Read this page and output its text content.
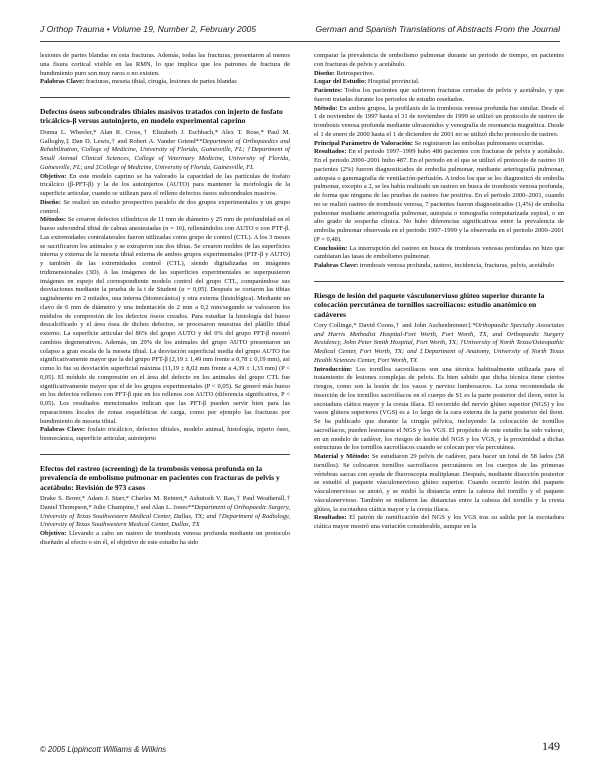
J Orthop Trauma • Volume 19, Number 2, February 2005	German and Spanish Translations of Abstracts From the Journal

lesiones de partes blandas en esta fracturas. Además, todas las fracturas, presentaron al menos una fisura cortical visible en las RMN, lo que implica que los patrones de fractura de hundimiento puro son muy raros o no existen.

Palabras Clave: fracturas, meseta tibial, cirugía, lesiones de partes blandas

Defectos óseos subcondrales tibiales masivos tratados con injerto de fosfato tricálcico-β versus autoinjerto, en modelo experimental caprino

Donna L. Wheeler,* Alan R. Cross,† Elizabeth J. Eschbach,* Alex T. Rose,* Paul M. Galloghy,‡ Dan D. Lewis,† and Robert A. Vander Griend**Department of Orthopaedics and Rehabilitation, College of Medicine, University of Florida, Gainesville, FL; †Department of Small Animal Clinical Sciences, College of Veterinary Medicine, University of Florida, Gainesville, FL; and ‡College of Medicine, University of Florida, Gainesville, FL

Objetivo: En este modelo caprino se ha valorado la capacidad de las partículas de fosfato tricálcico (β-PFT-β) y la de los autoinjertos (AUTO) para mantener la morfología de la superficie articular, cuando se utilizan para el relleno defectos óseos subcondrales masivos.

Diseño: Se realizó un estudio prospectivo paralelo de dos grupos experimentales y un grupo control.

Métodos: Se crearon defectos cilíndricos de 11 mm de diámetro y 25 mm de profundidad en el hueso subcondral tibial de cabras anestesiadas (n = 16), rellenándolos con AUTO o con PTF-β. Las extremidades contralaterales fueron utilizadas como grupo de control (CTL). A los 3 meses se sacrificaron los animales y se extrajeron sus dos tibias. Se crearon moldes de las superficies interna y externa de la meseta tibial externa de ambos grupos experimentales (PTF-β y AUTO) y también de las extremidades control (CTL), siendo digitalizadas en imágenes tridimensionales (3D). A las imágenes de las superficies experimentales se superpusieron imágenes en espejo del correspondiente modelo control del grupo CTL, comparándose sus desviaciones mediante la prueba de la t de Student (α = 0,05). Después se cortaron las tibias sagitalmente en 2 mitades, una interna (biomecánica) y otra externa (histológica). Mediante un clavo de 6 mm de diámetro y una indentación de 2 mm a 0,2 mm/segundo se valoraron los módulos de compresión de los defectos óseos creados. Para estudiar la histología del hueso descalcificado y el área ósea de dichos defectos, se procesaron muestras del plátillo tibial externo. La superficie articular del 86% del grupo AUTO y del 0% del grupo PFT-β mostró cambios degenerativos. Además, un 29% de los animales del grupo AUTO presentaron un colapso a gran escala de la meseta tibial. La desviación superficial media del grupo AUTO fue significativamente mayor que la del grupo PFT-β (2,19 ± 1,49 mm frente a 0,78 ± 0,19 mm), así como lo fue su desviación superficial máxima (11,19 ± 8,02 mm frente a 4,39 ± 1,33 mm) (P < 0,05). El módulo de compresión en el área del defecto en los animales del grupo CTL fue significativamente mayor que el de los grupos experimentales (P < 0,05). Se generó más hueso en los defectos rellenos con PFT-β que en los rellenos con AUTO (diferencia significativa, P < 0,05). Los resultados mencionados indican que las PFT-β pueden servir bien para las reparaciones locales de zonas esqueléticas de carga, como por ejemplo las fracturas por hundimiento de meseta tibial.

Palabras Clave: fosfato tricálcico, defectos tibiales, modelo animal, histología, injerto óseo, biomecánica, superficie articular, autoinjerto

Efectos del rastreo (screening) de la trombosis venosa profunda en la prevalencia de embolismo pulmonar en pacientes con fracturas de pelvis y acetábulo: Revisión de 973 casos

Drake S. Borer,* Adam J. Starr,* Charles M. Reinert,* Ashutosh V. Rao,† Paul Weatherall,† Daniel Thompson,* Julie Champine,† and Alan L. Jones**Department of Orthopaedic Surgery, University of Texas Southwestern Medical Center, Dallas, TX; and †Department of Radiology, University of Texas Southwestern Medical Center, Dallas, TX

Objetivo: Llevando a cabo un rastreo de trombosis venosa profunda mediante un protocolo diseñado al efecto o sin él, el objetivo de este estudio ha sido

comparar la prevalencia de embolismo pulmonar durante un periodo de tiempo, en pacientes con fracturas de pelvis y acetábulo.

Diseño: Retrospectivo.

Lugar del Estudio: Hospital provincial.

Pacientes: Todos los pacientes que sufrieron fracturas cerradas de pelvis y acetábulo, y que fueron tratadas durante los periodos de estudio reseñados.

Método: En ambos grupos, la profilaxis de la trombosis venosa profunda fue similar. Desde el 1 de noviembre de 1997 hasta el 31 de noviembre de 1999 se utilizó un protocolo de rastreo de trombosis venosa profunda mediante ultrasonidos y venografía de resonancia magnética. Desde el 1 de enero de 2000 hasta el 1 de diciembre de 2001 no se utilizó dicho protocolo de rastreo.

Principal Parámetro de Valoración: Se registraron las embolias pulmonares ocurridas.

Resultados: En el periodo 1997–1999 hubo 486 pacientes con fracturas de pelvis y acetábulo. En el periodo 2000–2001 hubo 487. En el periodo en el que se utilizó el protocolo de rastreo 10 pacientes (2%) fueron diagnosticados de embolia pulmonar, mediante arteriografía pulmonar, autopsia o gammagrafía de ventilación-perfusión. A todos los que se les diagnosticó de embolia pulmonar, excepto a 2, se les había realizado un rastreo en busca de trombosis venosa profunda, de forma que ninguna de las pruebas de rastreo fue positiva. En el periodo 2000–2001, cuando no se realizó rastreo de trombosis venosa, 7 pacientes fueron diagnosticados (1,4%) de embolia pulmonar mediante arteriografía pulmonar, autopsia o tomografía computarizada espiral, o un alto grado de sospecha clínica. No hubo diferencias significativas entre la prevalencia de embolia pulmonar observada en el periodo 1997–1999 y la observada en el periodo 2000–2001 (P = 0,48).

Conclusión: La interrupción del rastreo en busca de trombosis venosas profundas no hizo que cambiaran las tasas de embolismo pulmonar.

Palabras Clave: trombosis venosa profunda, rastreo, incidencia, fracturas, pelvis, acetábulo

Riesgo de lesión del paquete vásculonervioso glúteo superior durante la colocación percutánea de tornillos sacroilíacos: estudio anatómico en cadáveres

Cory Collinge,* David Coons,† and John Aschenbrenner‡*Orthopaedic Specialty Associates and Harris Methodist Hospital-Fort Worth, Fort Worth, TX, and Orthopaedic Surgery Residency, John Peter Smith Hospital, Fort Worth, TX; †University of North Texas/Osteopathic Medical Center, Fort Worth, TX; and ‡Department of Anatomy, University of North Texas Health Sciences Center, Fort Worth, TX

Introducción: Los tornillos sacroilíacos son una técnica habitualmente utilizada para el tratamiento de lesiones complejas de pelvis. Es bien sabido que dicha técnica tiene ciertos riesgos, como son la lesión de los vasos y nervios lumbosacros. La zona recomendada de inserción de los tornillos sacroilíacos en el cuerpo de S1 es la parte posterior del ileon, entre la escotadura ciática mayor y la cresta ilíaca. El recorrido del nervio glúteo superior (NGS) y los vasos glúteos superiores (VGS) es a 1o largo de la cara externa de la parte posterior del ileon. Se ha publicado que durante la cirugía pélvica, incluyendo la colocación de tornillos sacroilíacos, pueden lesionarse el NGS y los VGS. El propósito de este estudio ha sido valorar, en un modelo de cadáver, los riesgos de lesión del NGS y los VGS, y la proximidad a dichas estructuras de los tornillos sacroilíacos cuando se colocan por vía percutánea.

Material y Método: Se estudiaron 29 pelvis de cadáver, para hacer un total de 58 lados (58 tornillos). Se colocaron tornillos sacroilíacos percutáneos en los cuerpos de las primeras vértebras sacras con ayuda de fluoroscopia multiplanar. Después, mediante disección posterior se estudió el paquete vásculonervioso glúteo superior. Cuando ocurrió lesión del paquete vásculonervioso se anotó, y se midió la distancia entre la cabeza del tornillo y el paquete vásculonervioso. También se midieron las distancias entre la cabeza del tornillo y la cresta glútea, la escotadura ciática mayor y la cresta ilíaca.

Resultados: El patrón de ramificación del NGS y los VGS tras su salida por la escotadura ciática mayor mostró una variación considerable, aunque en la

© 2005 Lippincott Williams & Wilkins	149
